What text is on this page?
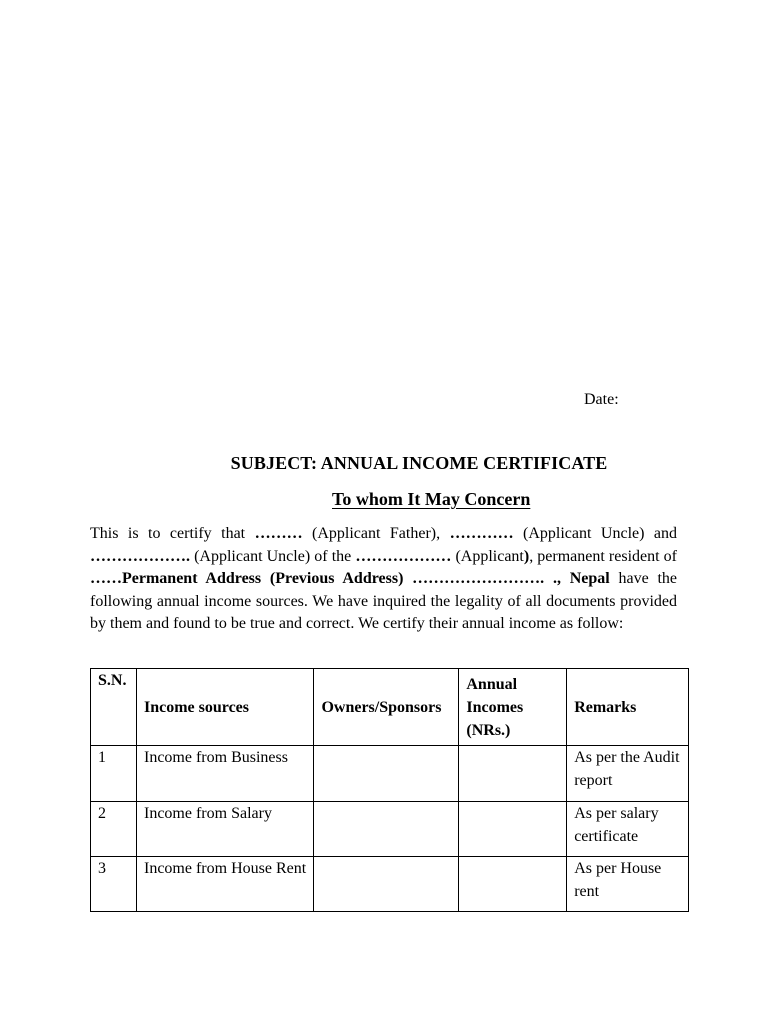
Date:
SUBJECT: ANNUAL INCOME CERTIFICATE
To whom It May Concern

This is to certify that ……… (Applicant Father), ………… (Applicant Uncle) and ………………. (Applicant Uncle) of the ……………… (Applicant), permanent resident of ……Permanent Address (Previous Address) ……………………. ., Nepal have the following annual income sources. We have inquired the legality of all documents provided by them and found to be true and correct. We certify their annual income as follow:

S.N.	Income sources	Owners/Sponsors	Annual Incomes (NRs.)	Remarks
1	Income from Business			As per the Audit report
2	Income from Salary			As per salary certificate
3	Income from House Rent			As per House rent
